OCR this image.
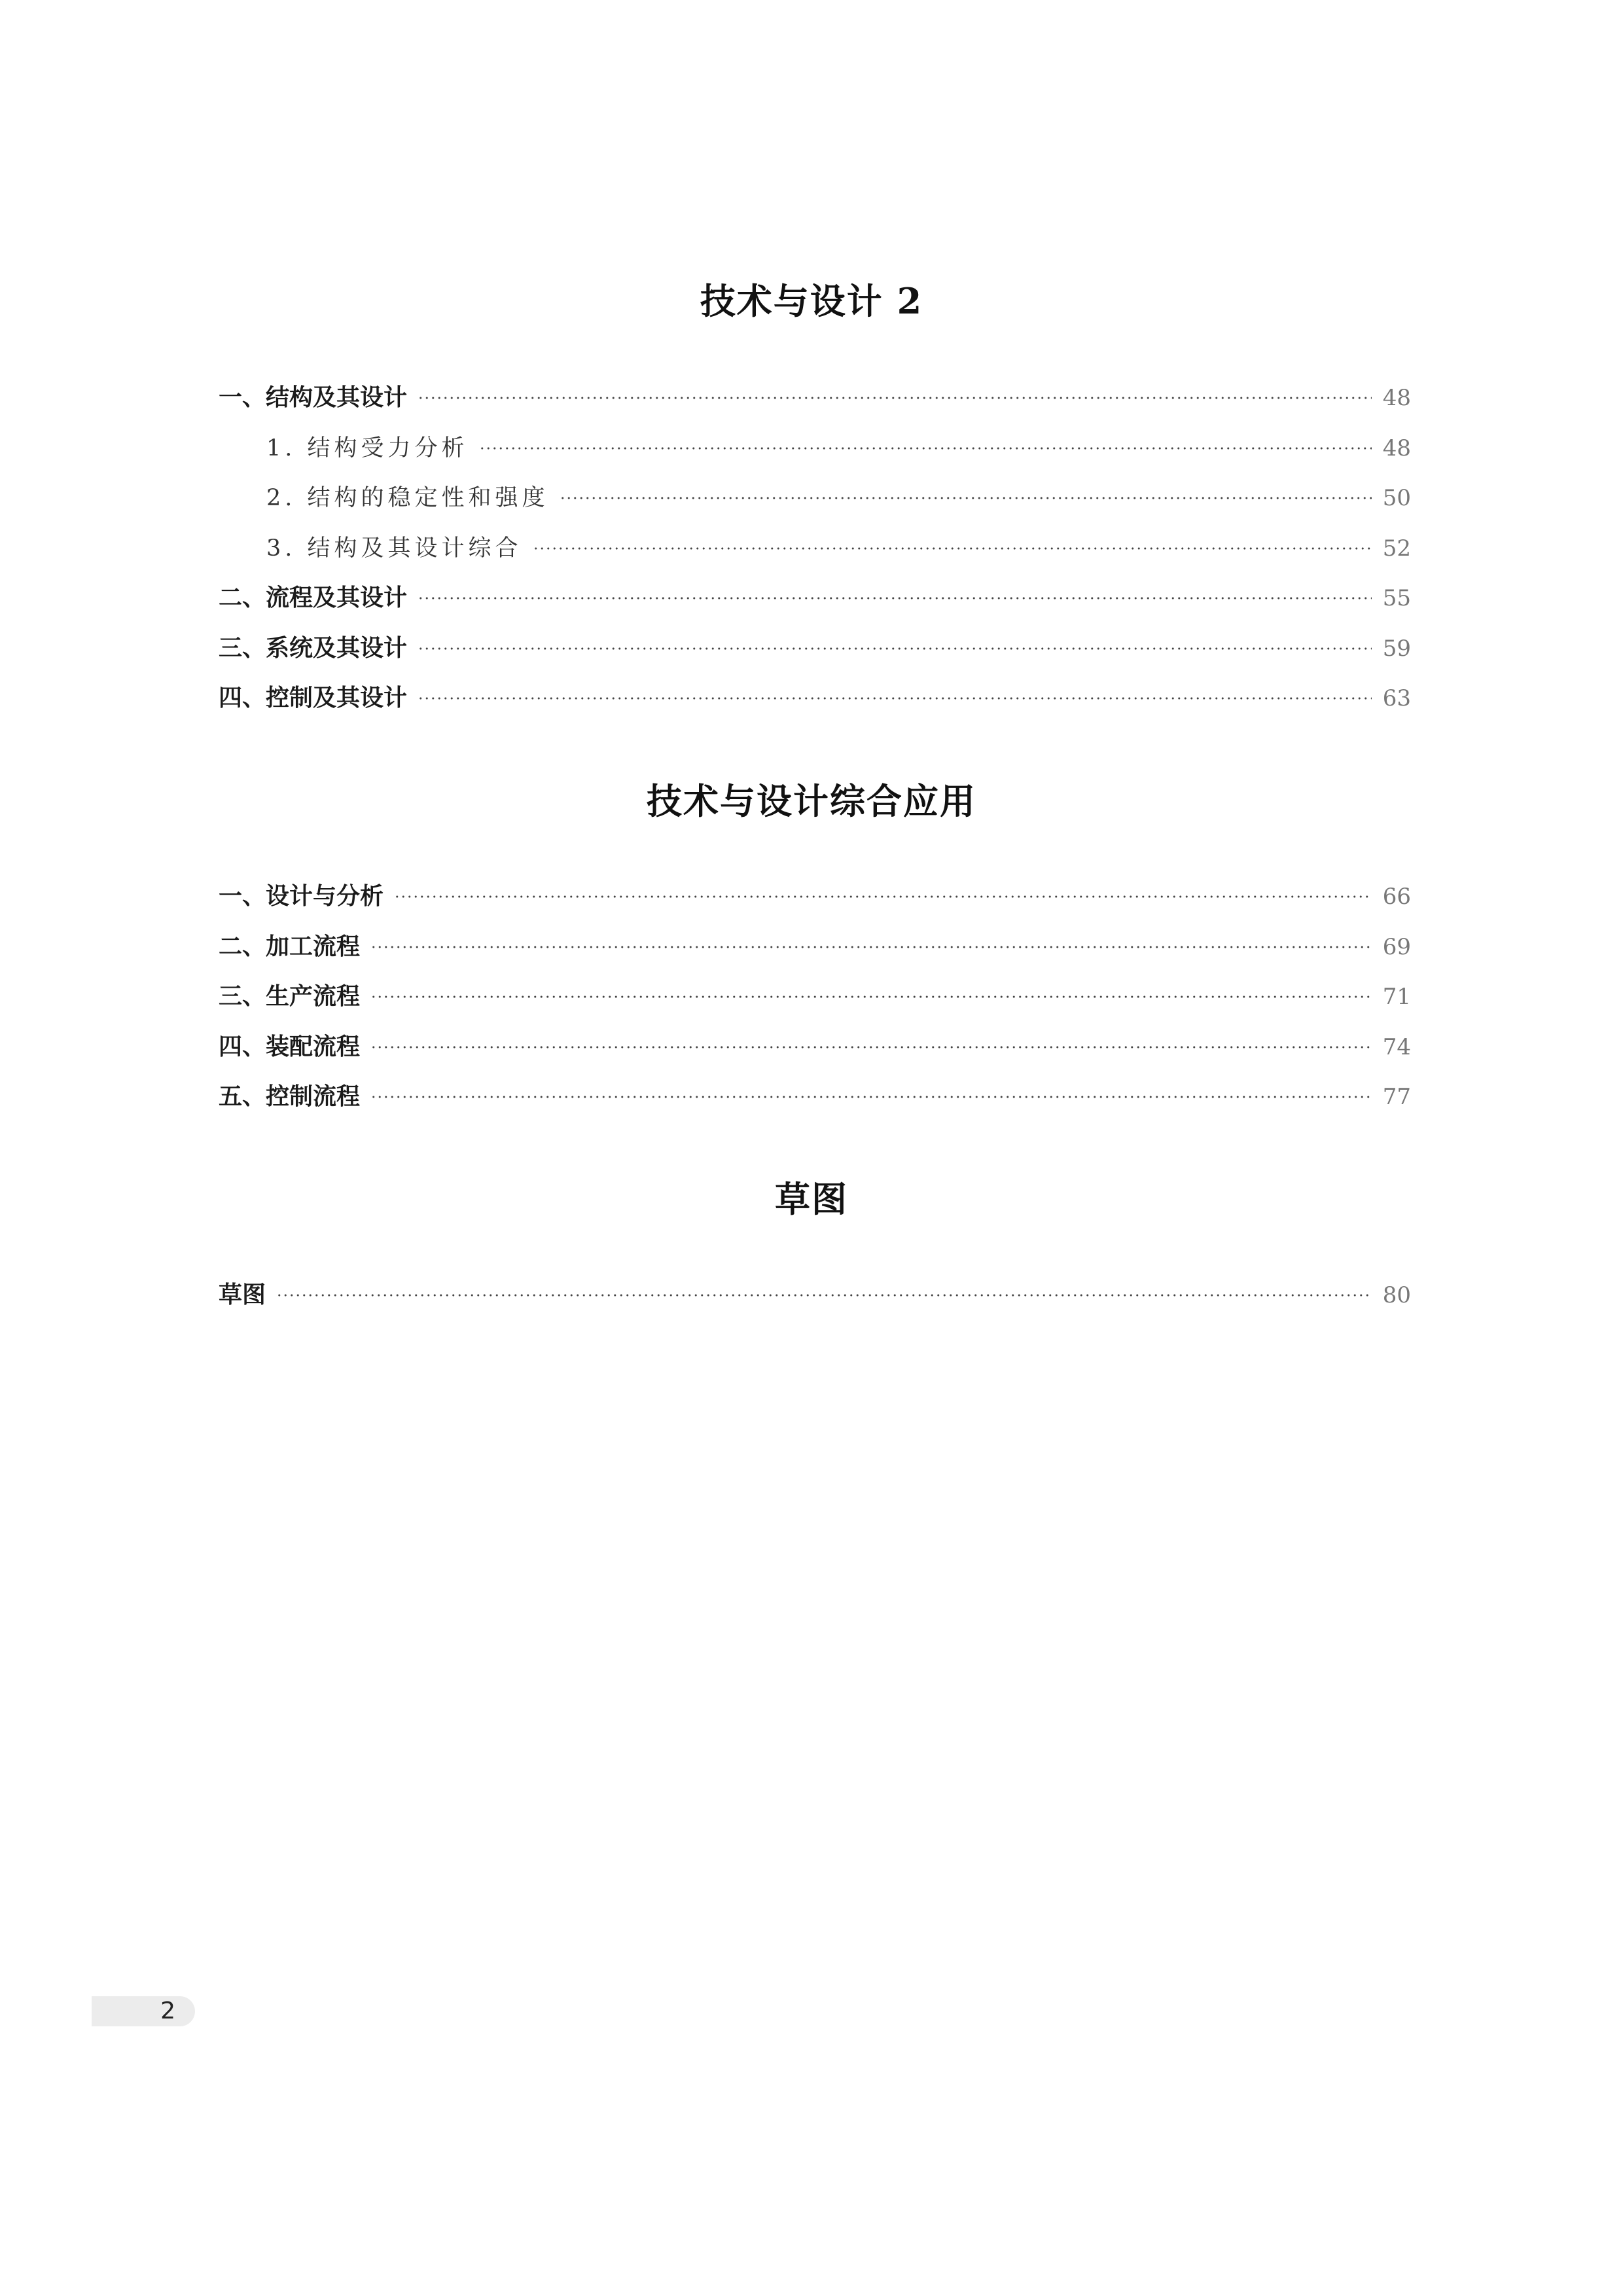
技术与设计 2
一、结构及其设计	48
1. 结构受力分析	48
2. 结构的稳定性和强度	50
3. 结构及其设计综合	52
二、流程及其设计	55
三、系统及其设计	59
四、控制及其设计	63
技术与设计综合应用
一、设计与分析	66
二、加工流程	69
三、生产流程	71
四、装配流程	74
五、控制流程	77
草图
草图	80
2
